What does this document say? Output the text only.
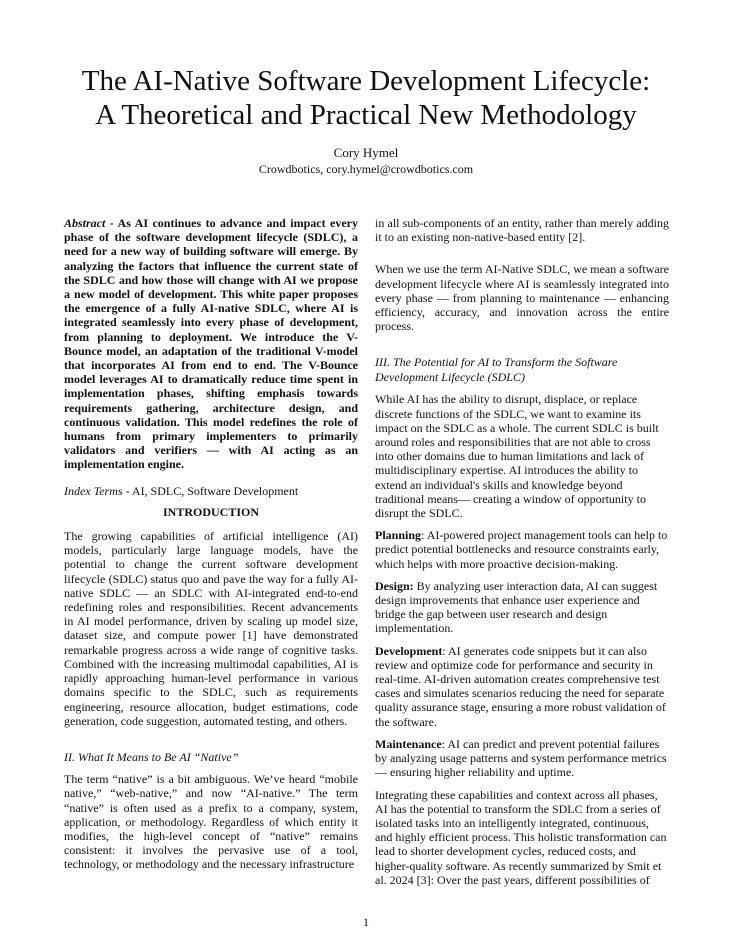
The AI-Native Software Development Lifecycle:
A Theoretical and Practical New Methodology
Cory Hymel
Crowdbotics, cory.hymel@crowdbotics.com

Abstract - As AI continues to advance and impact every phase of the software development lifecycle (SDLC), a need for a new way of building software will emerge. By analyzing the factors that influence the current state of the SDLC and how those will change with AI we propose a new model of development. This white paper proposes the emergence of a fully AI-native SDLC, where AI is integrated seamlessly into every phase of development, from planning to deployment. We introduce the V-Bounce model, an adaptation of the traditional V-model that incorporates AI from end to end. The V-Bounce model leverages AI to dramatically reduce time spent in implementation phases, shifting emphasis towards requirements gathering, architecture design, and continuous validation. This model redefines the role of humans from primary implementers to primarily validators and verifiers — with AI acting as an implementation engine.

Index Terms - AI, SDLC, Software Development

INTRODUCTION

The growing capabilities of artificial intelligence (AI) models, particularly large language models, have the potential to change the current software development lifecycle (SDLC) status quo and pave the way for a fully AI-native SDLC — an SDLC with AI-integrated end-to-end redefining roles and responsibilities. Recent advancements in AI model performance, driven by scaling up model size, dataset size, and compute power [1] have demonstrated remarkable progress across a wide range of cognitive tasks. Combined with the increasing multimodal capabilities, AI is rapidly approaching human-level performance in various domains specific to the SDLC, such as requirements engineering, resource allocation, budget estimations, code generation, code suggestion, automated testing, and others.

II. What It Means to Be AI “Native”

The term “native” is a bit ambiguous. We’ve heard “mobile native,” “web-native,” and now “AI-native.” The term “native” is often used as a prefix to a company, system, application, or methodology. Regardless of which entity it modifies, the high-level concept of “native” remains consistent: it involves the pervasive use of a tool, technology, or methodology and the necessary infrastructure

in all sub-components of an entity, rather than merely adding it to an existing non-native-based entity [2].

When we use the term AI-Native SDLC, we mean a software development lifecycle where AI is seamlessly integrated into every phase — from planning to maintenance — enhancing efficiency, accuracy, and innovation across the entire process.

III. The Potential for AI to Transform the Software Development Lifecycle (SDLC)

While AI has the ability to disrupt, displace, or replace discrete functions of the SDLC, we want to examine its impact on the SDLC as a whole. The current SDLC is built around roles and responsibilities that are not able to cross into other domains due to human limitations and lack of multidisciplinary expertise. AI introduces the ability to extend an individual's skills and knowledge beyond traditional means— creating a window of opportunity to disrupt the SDLC.

Planning: AI-powered project management tools can help to predict potential bottlenecks and resource constraints early, which helps with more proactive decision-making.

Design: By analyzing user interaction data, AI can suggest design improvements that enhance user experience and bridge the gap between user research and design implementation.

Development: AI generates code snippets but it can also review and optimize code for performance and security in real-time. AI-driven automation creates comprehensive test cases and simulates scenarios reducing the need for separate quality assurance stage, ensuring a more robust validation of the software.

Maintenance: AI can predict and prevent potential failures by analyzing usage patterns and system performance metrics — ensuring higher reliability and uptime.

Integrating these capabilities and context across all phases, AI has the potential to transform the SDLC from a series of isolated tasks into an intelligently integrated, continuous, and highly efficient process. This holistic transformation can lead to shorter development cycles, reduced costs, and higher-quality software. As recently summarized by Smit et al. 2024 [3]: Over the past years, different possibilities of

1
